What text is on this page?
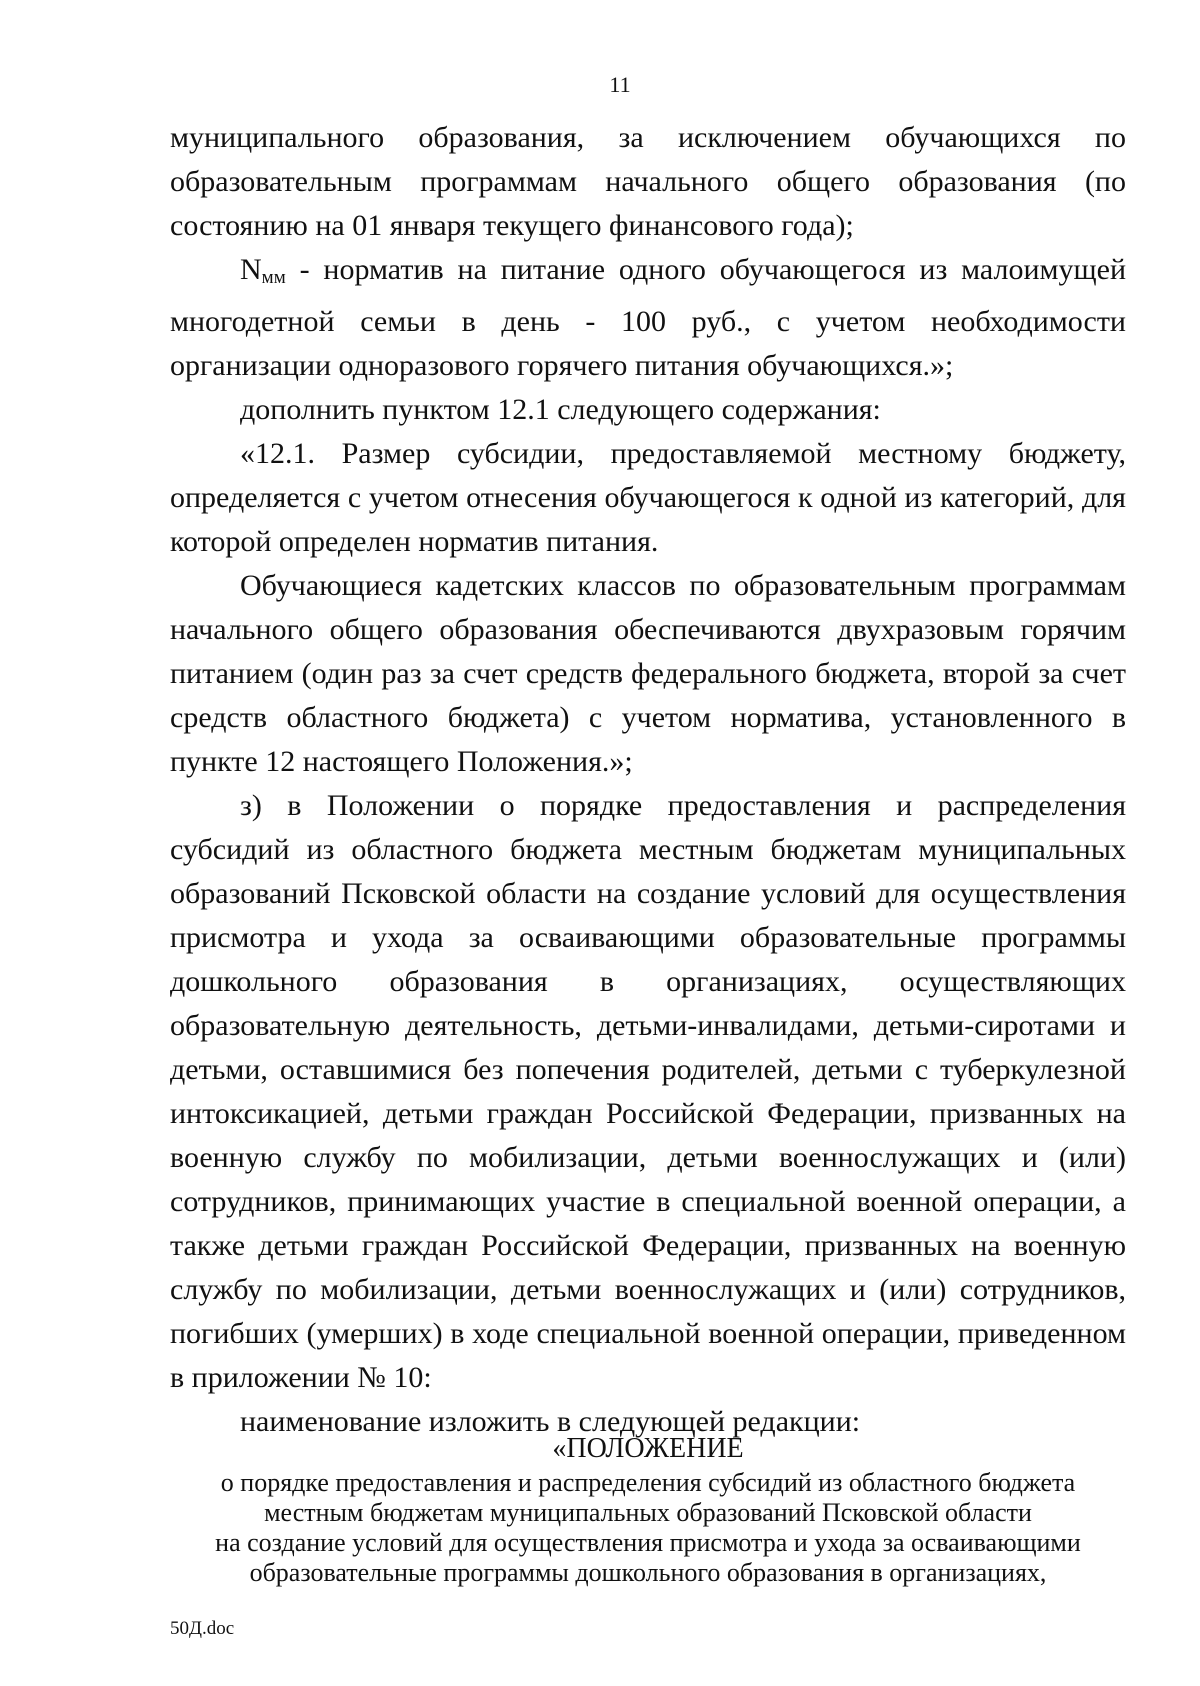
11

муниципального образования, за исключением обучающихся по образовательным программам начального общего образования (по состоянию на 01 января текущего финансового года);

$N_{мм}$ - норматив на питание одного обучающегося из малоимущей многодетной семьи в день - 100 руб., с учетом необходимости организации одноразового горячего питания обучающихся.»;

дополнить пунктом 12.1 следующего содержания:

«12.1. Размер субсидии, предоставляемой местному бюджету, определяется с учетом отнесения обучающегося к одной из категорий, для которой определен норматив питания.

Обучающиеся кадетских классов по образовательным программам начального общего образования обеспечиваются двухразовым горячим питанием (один раз за счет средств федерального бюджета, второй за счет средств областного бюджета) с учетом норматива, установленного в пункте 12 настоящего Положения.»;

з) в Положении о порядке предоставления и распределения субсидий из областного бюджета местным бюджетам муниципальных образований Псковской области на создание условий для осуществления присмотра и ухода за осваивающими образовательные программы дошкольного образования в организациях, осуществляющих образовательную деятельность, детьми-инвалидами, детьми-сиротами и детьми, оставшимися без попечения родителей, детьми с туберкулезной интоксикацией, детьми граждан Российской Федерации, призванных на военную службу по мобилизации, детьми военнослужащих и (или) сотрудников, принимающих участие в специальной военной операции, а также детьми граждан Российской Федерации, призванных на военную службу по мобилизации, детьми военнослужащих и (или) сотрудников, погибших (умерших) в ходе специальной военной операции, приведенном в приложении № 10:

наименование изложить в следующей редакции:

«ПОЛОЖЕНИЕ
о порядке предоставления и распределения субсидий из областного бюджета
местным бюджетам муниципальных образований Псковской области
на создание условий для осуществления присмотра и ухода за осваивающими
образовательные программы дошкольного образования в организациях,
50Д.doc
